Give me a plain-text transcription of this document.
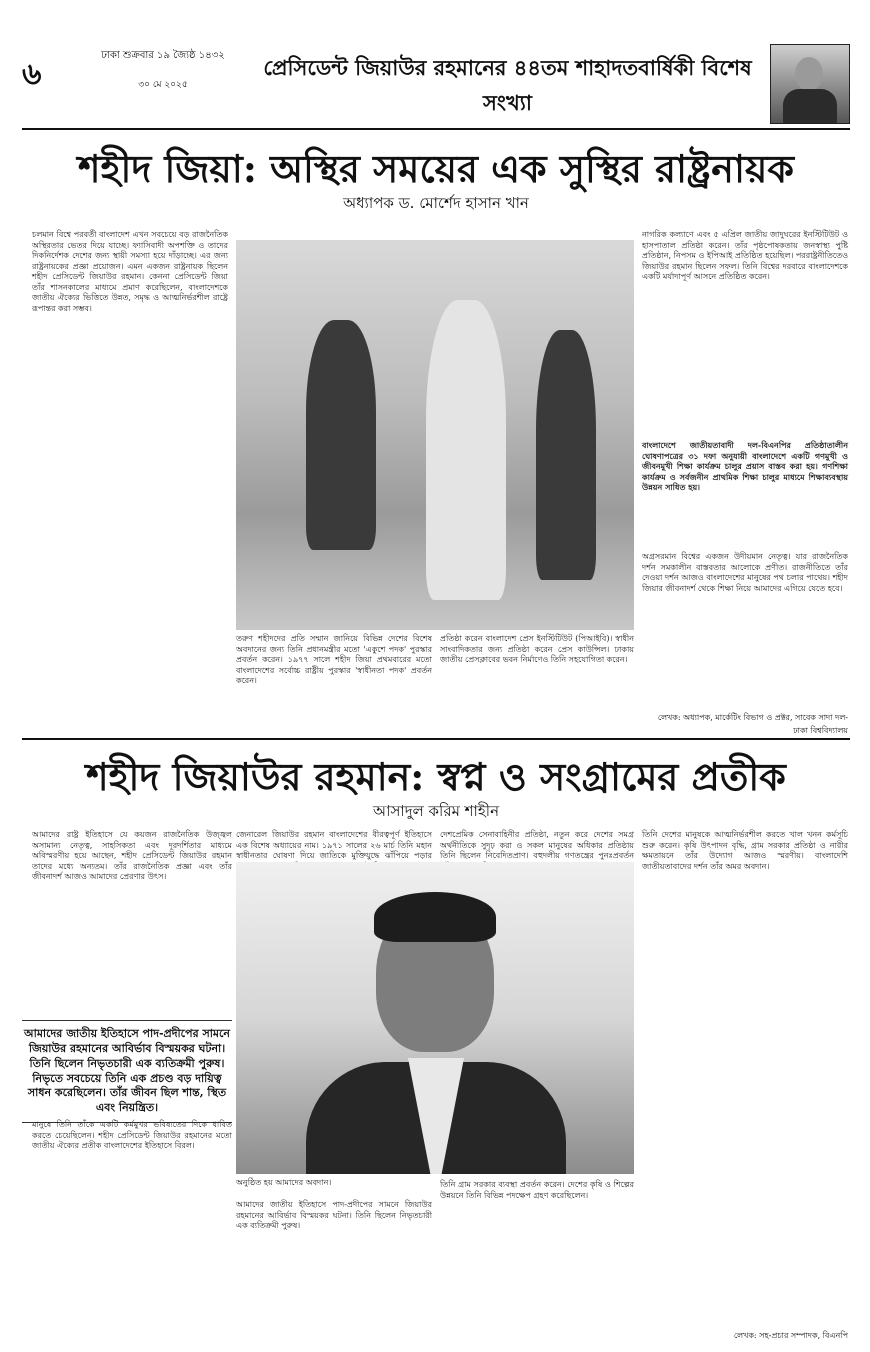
৬
ঢাকা শুক্রবার ১৯ জ্যৈষ্ঠ ১৪৩২
৩০ মে ২০২৫
প্রেসিডেন্ট জিয়াউর রহমানের ৪৪তম শাহাদতবার্ষিকী বিশেষ সংখ্যা
শহীদ জিয়া: অস্থির সময়ের এক সুস্থির রাষ্ট্রনায়ক
অধ্যাপক ড. মোর্শেদ হাসান খান
চলমান বিশ্বে পরবর্তী বাংলাদেশ এখন সবচেয়ে বড় রাজনৈতিক অস্থিরতার ভেতর দিয়ে যাচ্ছে। ফ্যাসিবাদী অপশক্তি ও তাদের দিকনির্দেশক দেশের জন্য স্থায়ী সমস্যা হয়ে দাঁড়াচ্ছে। এর জন্য রাষ্ট্রনায়কের প্রজ্ঞা প্রয়োজন। এমন একজন রাষ্ট্রনায়ক ছিলেন শহীদ প্রেসিডেন্ট জিয়াউর রহমান। কেননা প্রেসিডেন্ট জিয়া তাঁর শাসনকালের মাধ্যমে প্রমাণ করেছিলেন, বাংলাদেশকে জাতীয় ঐক্যের ভিত্তিতে উন্নত, সমৃদ্ধ ও আত্মনির্ভরশীল রাষ্ট্রে রূপান্তর করা সম্ভব।
তরুণ শহীদদের প্রতি সম্মান জানিয়ে বিভিন্ন দেশের বিশেষ অবদানের জন্য তিনি প্রধানমন্ত্রীর মতো 'একুশে পদক' পুরস্কার প্রবর্তন করেন। ১৯৭৭ সালে শহীদ জিয়া প্রথমবারের মতো বাংলাদেশের সর্বোচ্চ রাষ্ট্রীয় পুরস্কার 'স্বাধীনতা পদক' প্রবর্তন করেন।
প্রতিষ্ঠা করেন বাংলাদেশ প্রেস ইনস্টিটিউট (পিআইবি)। স্বাধীন সাংবাদিকতার জন্য প্রতিষ্ঠা করেন প্রেস কাউন্সিল। ঢাকায় জাতীয় প্রেসক্লাবের ভবন নির্মাণেও তিনি সহযোগিতা করেন।
নাগরিক কল্যাণে এবং ৫ এপ্রিল জাতীয় জাদুঘরের ইনস্টিটিউট ও হাসপাতাল প্রতিষ্ঠা করেন। তাঁর পৃষ্ঠপোষকতায় জনস্বাস্থ্য পুষ্টি প্রতিষ্ঠান, নিপসম ও ইপিআই প্রতিষ্ঠিত হয়েছিল। পররাষ্ট্রনীতিতেও জিয়াউর রহমান ছিলেন সফল। তিনি বিশ্বের দরবারে বাংলাদেশকে একটি মর্যাদাপূর্ণ আসনে প্রতিষ্ঠিত করেন।
বাংলাদেশে জাতীয়তাবাদী দল-বিএনপির প্রতিষ্ঠাতালীন ঘোষণাপত্রের ৩১ দফা অনুযায়ী বাংলাদেশে একটি গণমুখী ও জীবনমুখী শিক্ষা কার্যক্রম চালুর প্রয়াস বাস্তব করা হয়। গণশিক্ষা কার্যক্রম ও সর্বজনীন প্রাথমিক শিক্ষা চালুর মাধ্যমে শিক্ষাব্যবস্থায় উন্নয়ন সাধিত হয়।
অগ্রসরমান বিশ্বের একজন উদীয়মান নেতৃত্ব। যার রাজনৈতিক দর্শন সমকালীন বাস্তবতার আলোকে প্রণীত। রাজনীতিতে তাঁর দেওয়া দর্শন আজও বাংলাদেশের মানুষের পথ চলার পাথেয়। শহীদ জিয়ার জীবনাদর্শ থেকে শিক্ষা নিয়ে আমাদের এগিয়ে যেতে হবে।
লেখক: অধ্যাপক, মার্কেটিং বিভাগ ও প্রক্টর, সাবেক সাদা দল- ঢাকা বিশ্ববিদ্যালয়
শহীদ জিয়াউর রহমান: স্বপ্ন ও সংগ্রামের প্রতীক
আসাদুল করিম শাহীন
আমাদের রাষ্ট্র ইতিহাসে যে কয়জন রাজনৈতিক উজ্জ্বল অসামান্য নেতৃত্ব, সাহসিকতা এবং দূরদর্শিতার মাধ্যমে অবিস্মরণীয় হয়ে আছেন, শহীদ প্রেসিডেন্ট জিয়াউর রহমান তাদের মধ্যে অন্যতম। তাঁর রাজনৈতিক প্রজ্ঞা এবং তাঁর জীবনাদর্শ আজও আমাদের প্রেরণার উৎস।
আমাদের জাতীয় ইতিহাসে পাদ-প্রদীপের সামনে জিয়াউর রহমানের আবির্ভাব বিস্ময়কর ঘটনা। তিনি ছিলেন নিভৃতচারী এক ব্যতিক্রমী পুরুষ। নিভৃতে সবচেয়ে তিনি এক প্রচণ্ড বড় দায়িত্ব সাধন করেছিলেন। তাঁর জীবন ছিল শান্ত, স্থিত এবং নিয়ন্ত্রিত।
মানুষে তিনি তাঁকে একটি কর্মমুখর ভবিষ্যতের দিকে ধাবিত করতে চেয়েছিলেন। শহীদ প্রেসিডেন্ট জিয়াউর রহমানের মতো জাতীয় ঐক্যের প্রতীক বাংলাদেশের ইতিহাসে বিরল।
জেনারেল জিয়াউর রহমান বাংলাদেশের বীরত্বপূর্ণ ইতিহাসে এক বিশেষ অধ্যায়ের নাম। ১৯৭১ সালের ২৬ মার্চ তিনি মহান স্বাধীনতার ঘোষণা দিয়ে জাতিকে মুক্তিযুদ্ধে ঝাঁপিয়ে পড়ার
দেশপ্রেমিক সেনাবাহিনীর প্রতিষ্ঠা, নতুন করে দেশের সমগ্র অর্থনীতিকে সুদৃঢ় করা ও সকল মানুষের অধিকার প্রতিষ্ঠায় তিনি ছিলেন নিবেদিতপ্রাণ। বহুদলীয় গণতন্ত্রের পুনঃপ্রবর্তন
অনুষ্ঠিত হয় আমাদের অবদান।
আমাদের জাতীয় ইতিহাসে পাদ-প্রদীপের সামনে জিয়াউর রহমানের আবির্ভাব বিস্ময়কর ঘটনা। তিনি ছিলেন নিভৃতচারী এক ব্যতিক্রমী পুরুষ।
তিনি গ্রাম সরকার ব্যবস্থা প্রবর্তন করেন। দেশের কৃষি ও শিল্পের উন্নয়নে তিনি বিভিন্ন পদক্ষেপ গ্রহণ করেছিলেন।
তিনি দেশের মানুষকে আত্মনির্ভরশীল করতে খাল খনন কর্মসূচি শুরু করেন। কৃষি উৎপাদন বৃদ্ধি, গ্রাম সরকার প্রতিষ্ঠা ও নারীর ক্ষমতায়নে তাঁর উদ্যোগ আজও স্মরণীয়। বাংলাদেশি জাতীয়তাবাদের দর্শন তাঁর অমর অবদান।
লেখক: সহ-প্রচার সম্পাদক, বিএনপি
